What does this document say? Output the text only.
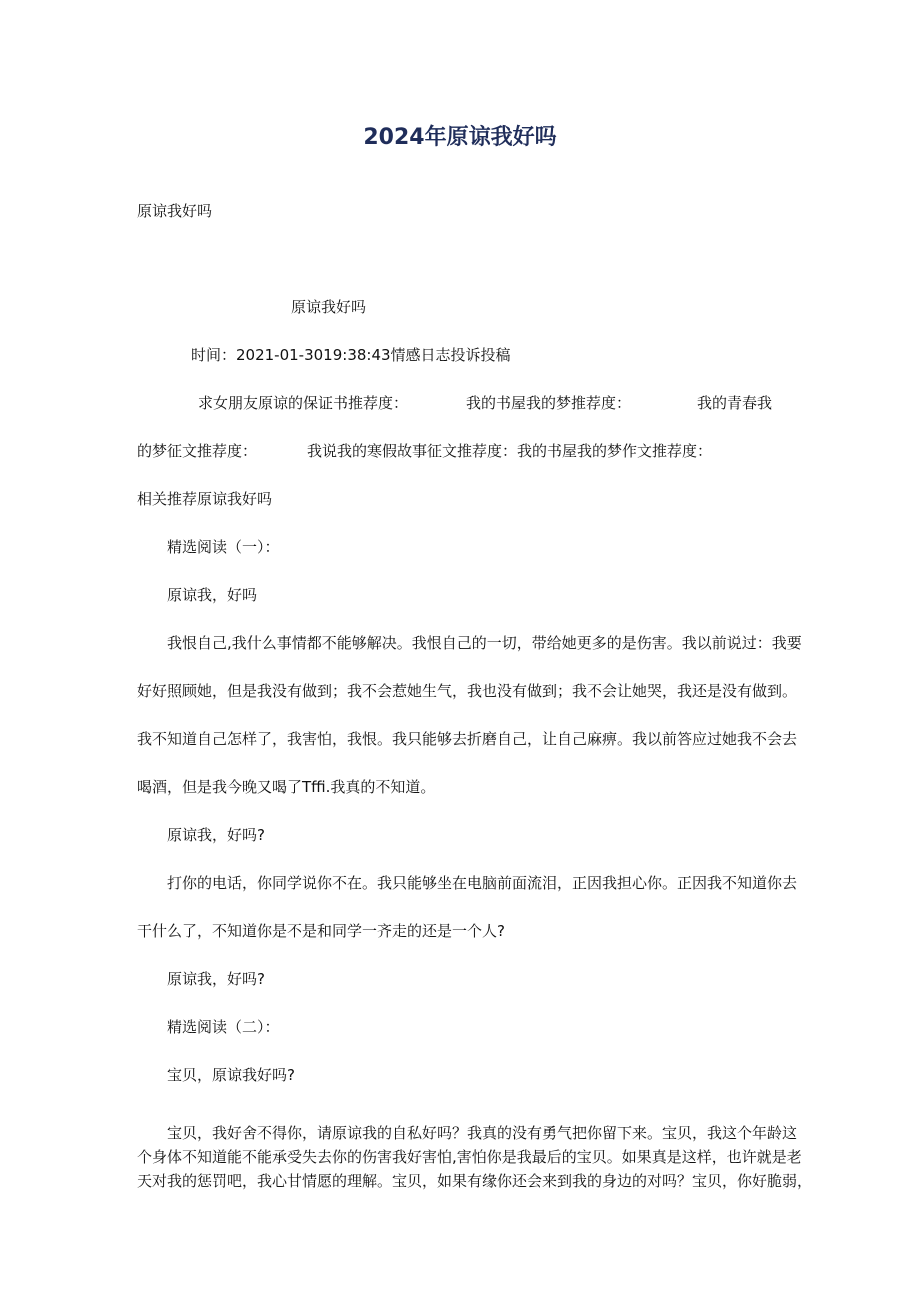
2024年原谅我好吗

原谅我好吗

原谅我好吗

时间：2021-01-3019:38:43情感日志投诉投稿

求女朋友原谅的保证书推荐度：	我的书屋我的梦推荐度：	我的青春我

的梦征文推荐度：	我说我的寒假故事征文推荐度：我的书屋我的梦作文推荐度：

相关推荐原谅我好吗

精选阅读（一）：

原谅我，好吗

我恨自己,我什么事情都不能够解决。我恨自己的一切，带给她更多的是伤害。我以前说过：我要

好好照顾她，但是我没有做到；我不会惹她生气，我也没有做到；我不会让她哭，我还是没有做到。

我不知道自己怎样了，我害怕，我恨。我只能够去折磨自己，让自己麻痹。我以前答应过她我不会去

喝酒，但是我今晚又喝了Tffi.我真的不知道。

原谅我，好吗?

打你的电话，你同学说你不在。我只能够坐在电脑前面流泪，正因我担心你。正因我不知道你去

干什么了，不知道你是不是和同学一齐走的还是一个人?

原谅我，好吗?

精选阅读（二）：

宝贝，原谅我好吗?

宝贝，我好舍不得你，请原谅我的自私好吗？我真的没有勇气把你留下来。宝贝，我这个年龄这

个身体不知道能不能承受失去你的伤害我好害怕,害怕你是我最后的宝贝。如果真是这样，也许就是老

天对我的惩罚吧，我心甘情愿的理解。宝贝，如果有缘你还会来到我的身边的对吗？宝贝，你好脆弱，
